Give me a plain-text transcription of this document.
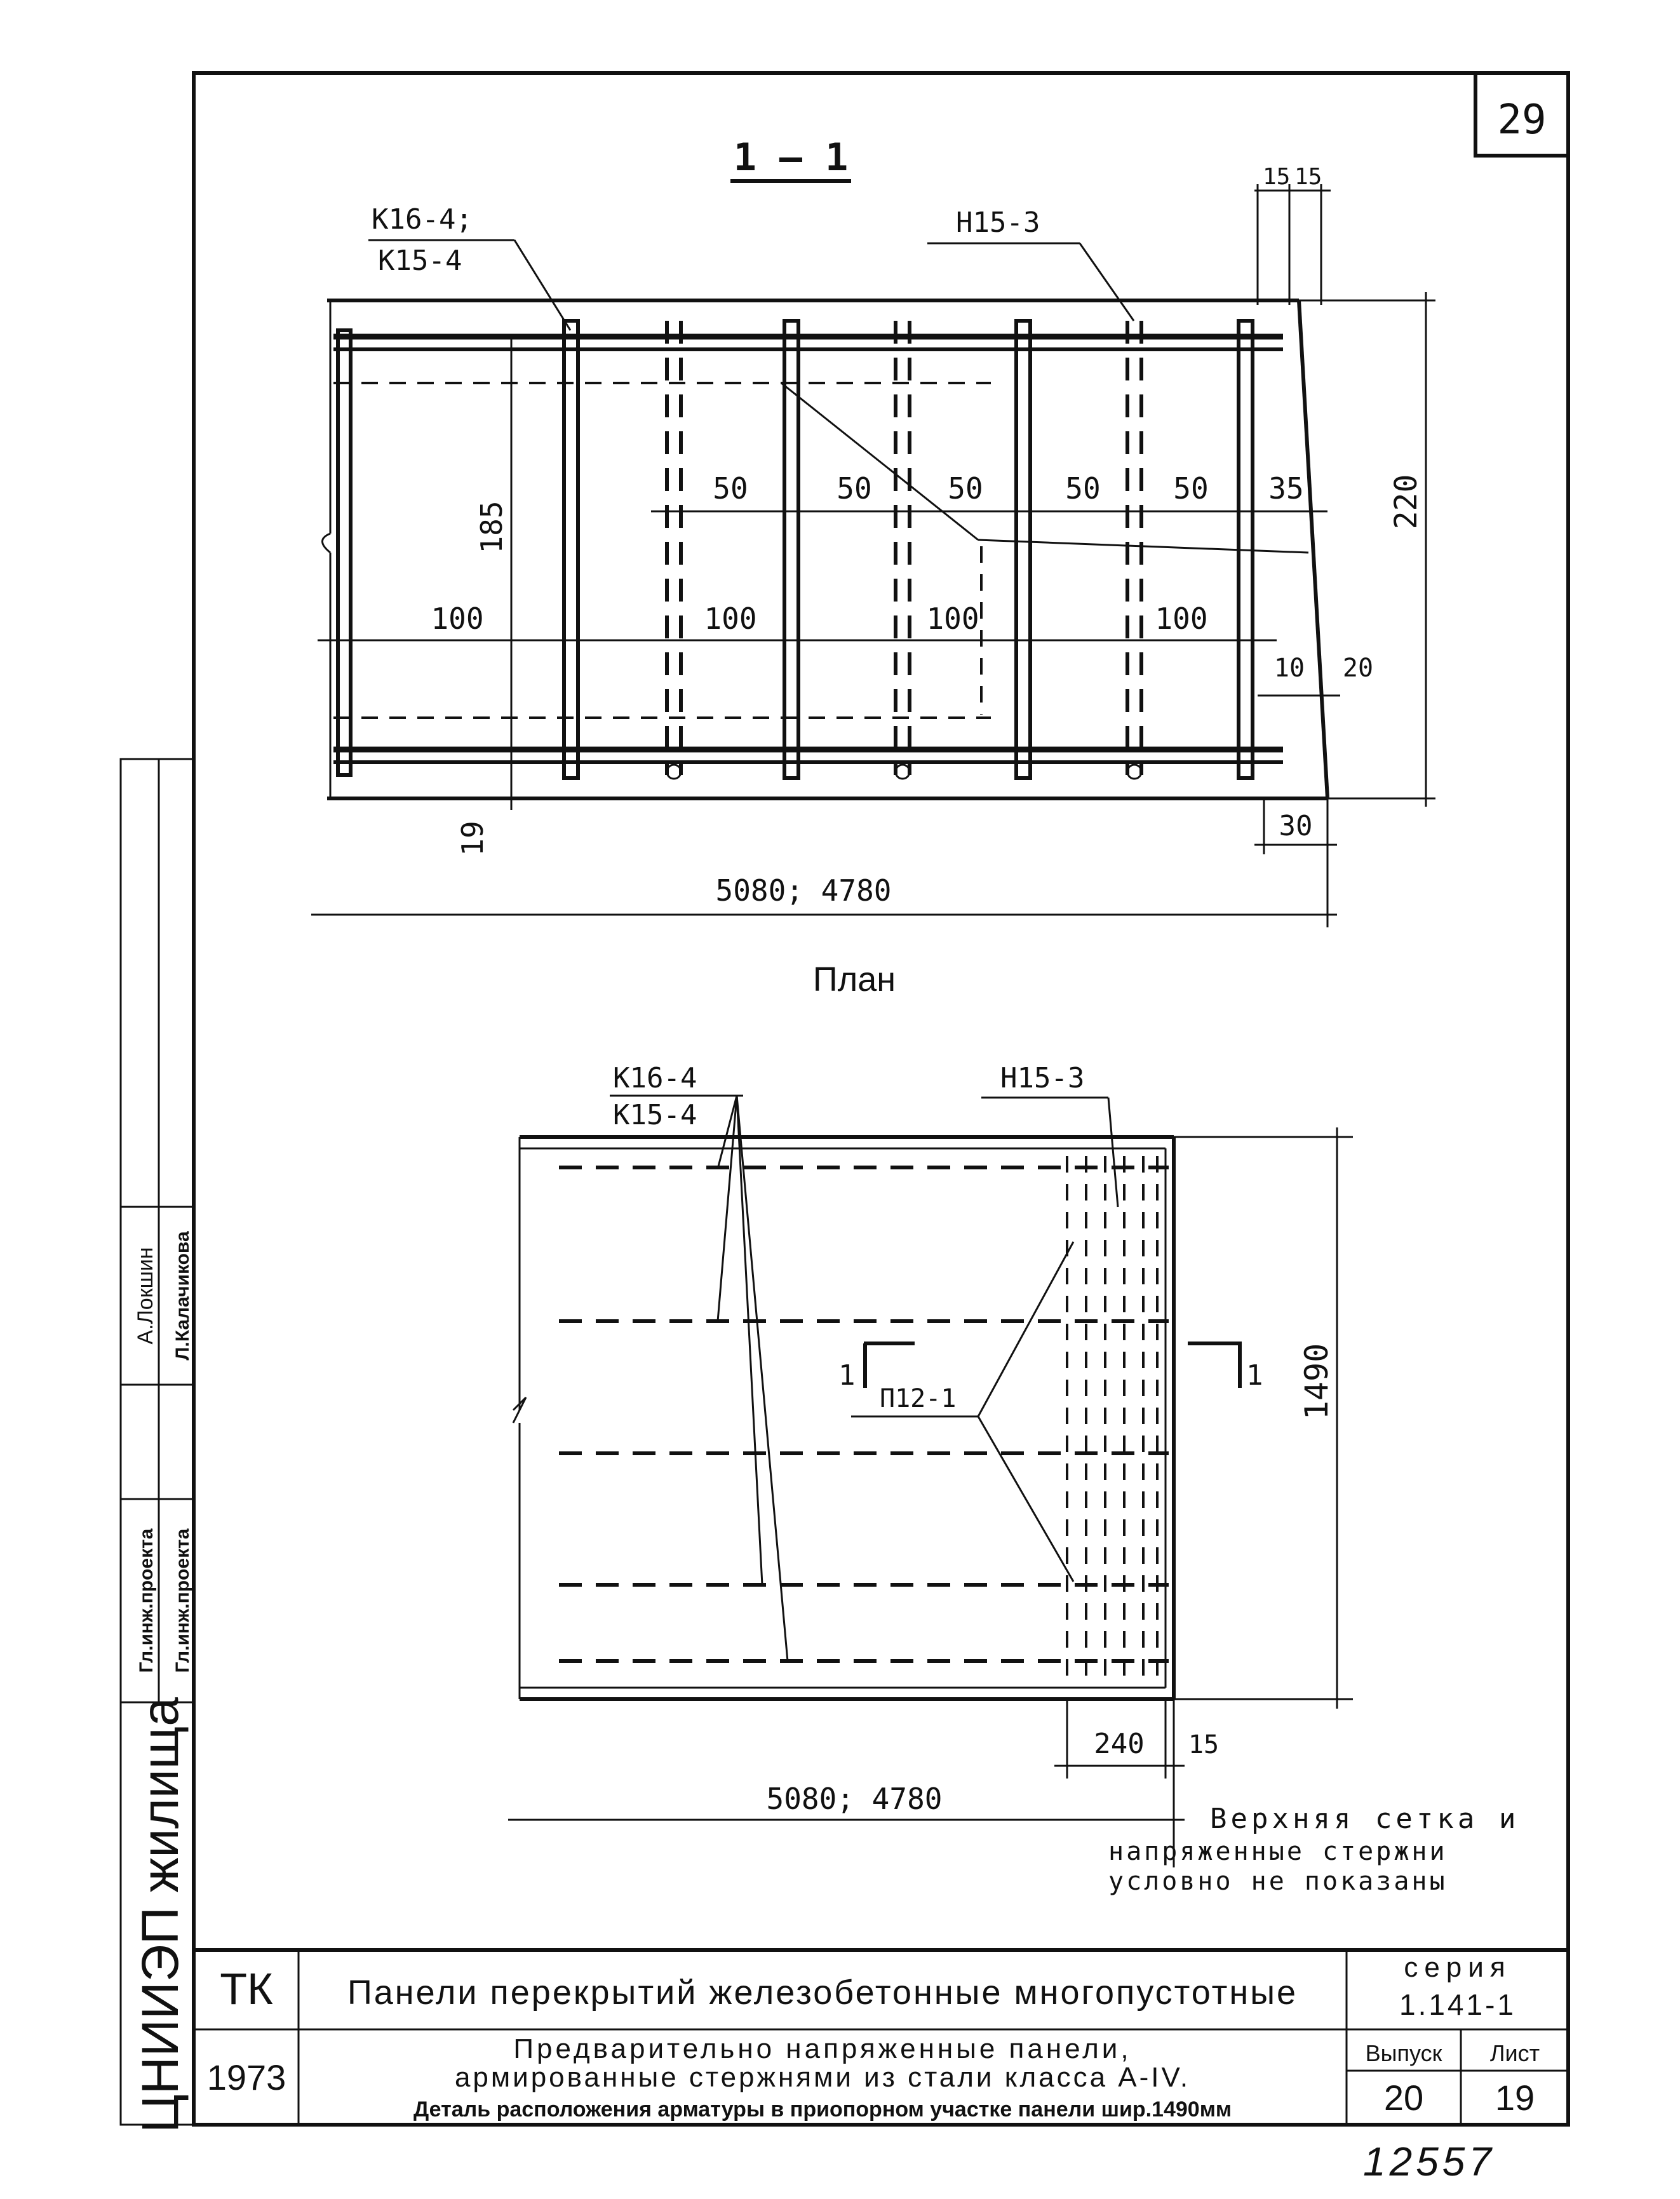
29
1 — 1
К16-4;
К15-4
Н15-3
15 15
50	50	50	50 50 35
100	100	100	100
185
19
220
10 20
30
5080; 4780
План
К16-4
К15-4
Н15-3
П12-1
1	1 1490
240 15
5080; 4780
Верхняя сетка и
напряженные стержни
условно не показаны
ЦНИИЭП жилища
Гл.инж.проекта
А.Локшин
Гл.инж.проекта
Л.Калачикова
ТК
1973
Панели перекрытий железобетонные многопустотные
Предварительно напряженные панели,
армированные стержнями из стали класса А-IV.
Деталь расположения арматуры в приопорном участке панели шир.1490мм
серия
1.141-1
Выпуск
20
Лист
19
12557
